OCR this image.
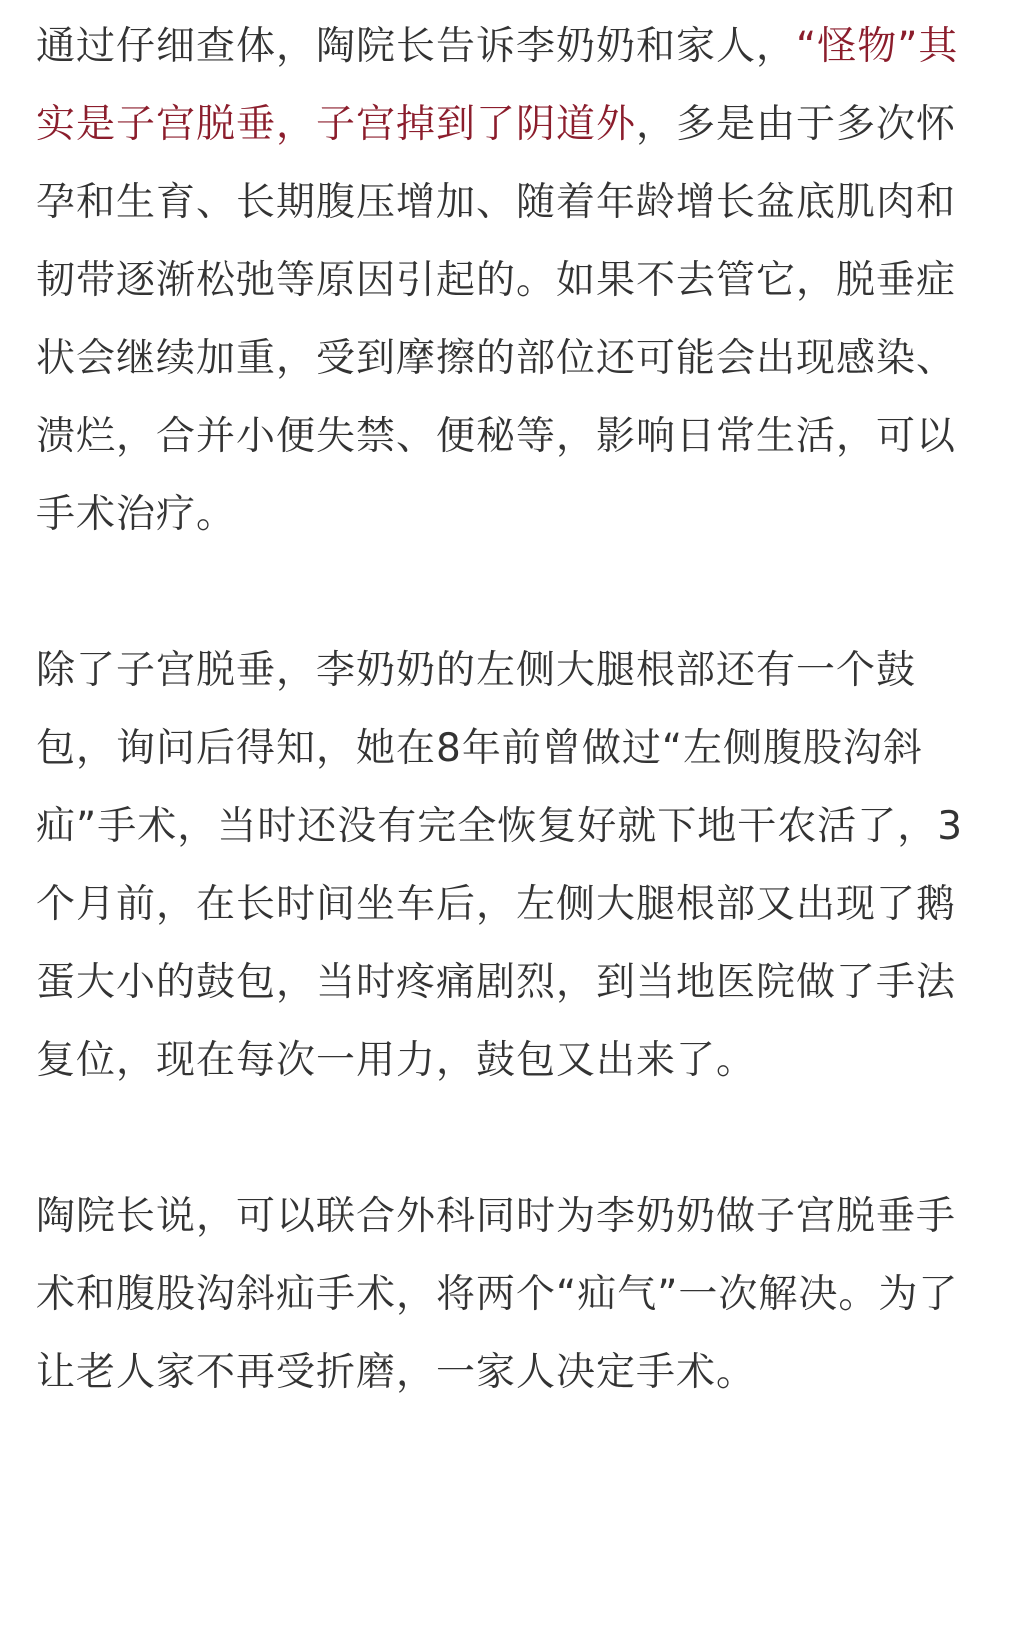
通过仔细查体，陶院长告诉李奶奶和家人，“怪物”其实是子宫脱垂，子宫掉到了阴道外，多是由于多次怀孕和生育、长期腹压增加、随着年龄增长盆底肌肉和韧带逐渐松弛等原因引起的。如果不去管它，脱垂症状会继续加重，受到摩擦的部位还可能会出现感染、溃烂，合并小便失禁、便秘等，影响日常生活，可以手术治疗。

除了子宫脱垂，李奶奶的左侧大腿根部还有一个鼓包，询问后得知，她在8年前曾做过“左侧腹股沟斜疝”手术，当时还没有完全恢复好就下地干农活了，3个月前，在长时间坐车后，左侧大腿根部又出现了鹅蛋大小的鼓包，当时疼痛剧烈，到当地医院做了手法复位，现在每次一用力，鼓包又出来了。

陶院长说，可以联合外科同时为李奶奶做子宫脱垂手术和腹股沟斜疝手术，将两个“疝气”一次解决。为了让老人家不再受折磨，一家人决定手术。
